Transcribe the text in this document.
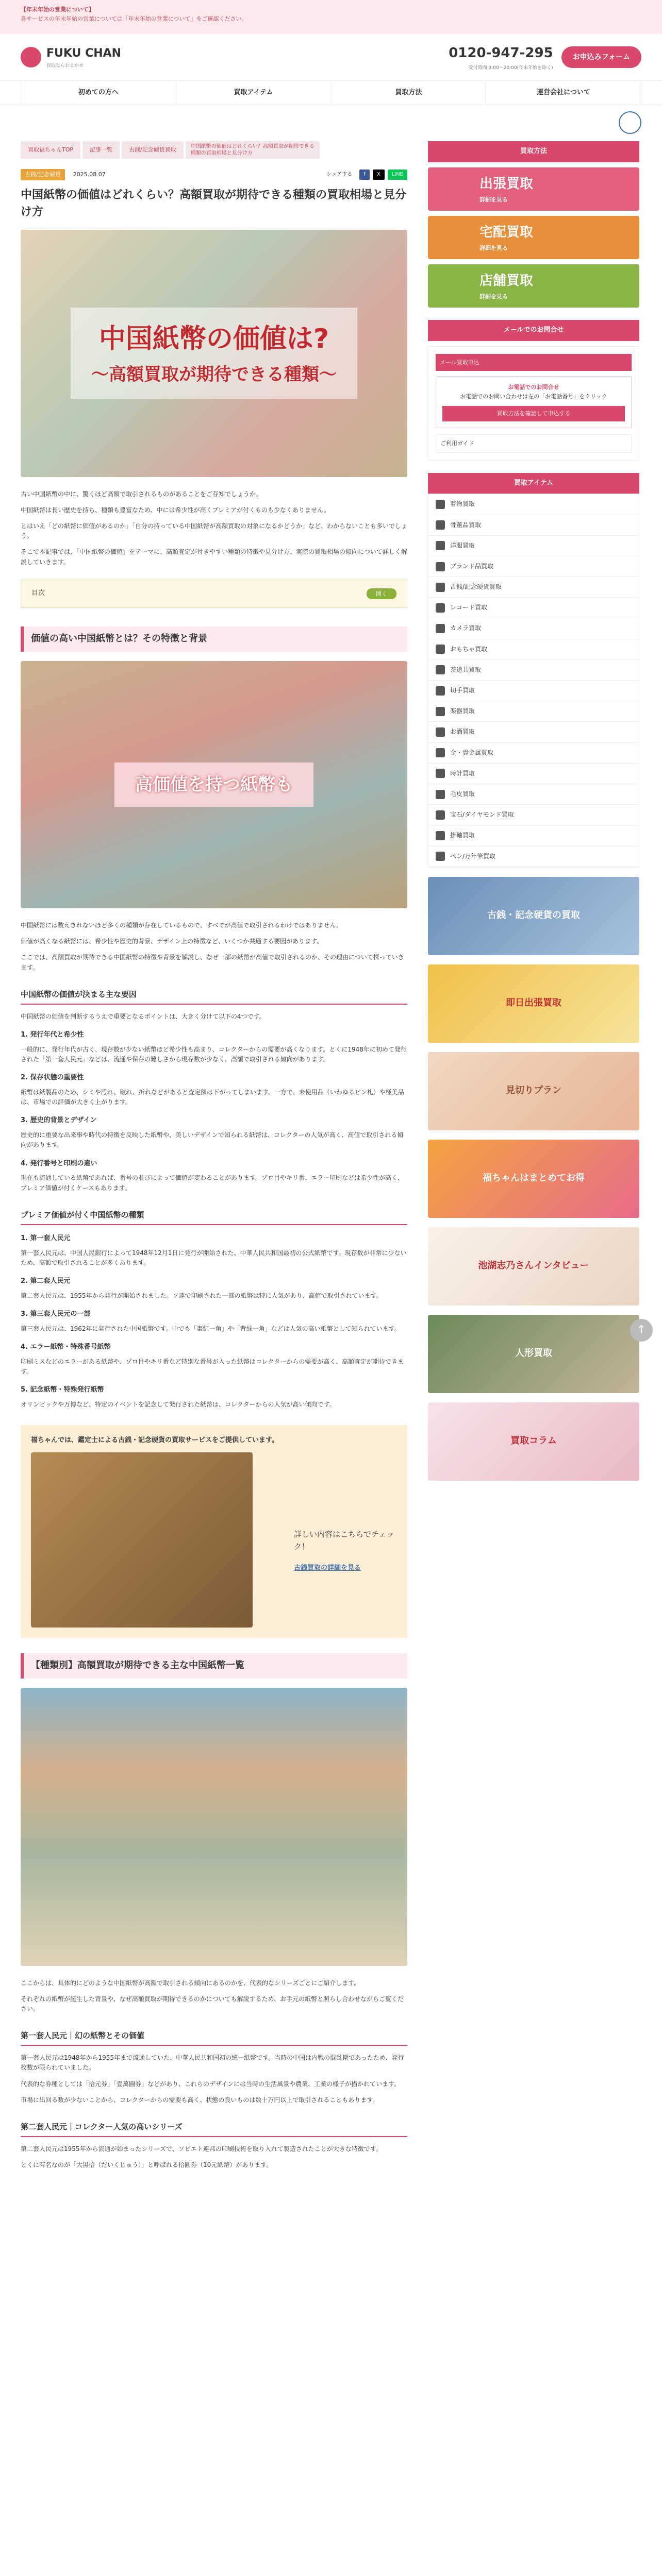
【年末年始の営業について】
各サービスの年末年始の営業については「年末年始の営業について」をご確認ください。
FUKU CHAN
買取ならおまかせ
0120-947-295
受付時間 9:00〜20:00(年末年始を除く)
お申込みフォーム
初めての方へ	買取アイテム	買取方法	運営会社について
買取福ちゃんTOP	記事一覧	古銭/記念硬貨買取	中国紙幣の価値はどれくらい？高額買取が期待できる種類の買取相場と見分け方
古銭/記念硬貨	2025.08.07	シェアする	f	X	LINE
中国紙幣の価値はどれくらい？高額買取が期待できる種類の買取相場と見分け方
中国紙幣の価値は?
〜高額買取が期待できる種類〜

古い中国紙幣の中に、驚くほど高額で取引されるものがあることをご存知でしょうか。

中国紙幣は長い歴史を持ち、種類も豊富なため、中には希少性が高くプレミアが付くものも少なくありません。

とはいえ「どの紙幣に価値があるのか」「自分の持っている中国紙幣が高額買取の対象になるかどうか」など、わからないことも多いでしょう。

そこで本記事では、「中国紙幣の価値」をテーマに、高額査定が付きやすい種類の特徴や見分け方、実際の買取相場の傾向について詳しく解説していきます。

目次	開く
価値の高い中国紙幣とは？その特徴と背景
高価値を持つ紙幣も

中国紙幣には数えきれないほど多くの種類が存在しているもので、すべてが高値で取引されるわけではありません。

価値が高くなる紙幣には、希少性や歴史的背景、デザイン上の特徴など、いくつか共通する要因があります。

ここでは、高額買取が期待できる中国紙幣の特徴や背景を解説し、なぜ一部の紙幣が高値で取引されるのか、その理由について探っていきます。

中国紙幣の価値が決まる主な要因

中国紙幣の価値を判断するうえで重要となるポイントは、大きく分けて以下の4つです。

1. 発行年代と希少性

一般的に、発行年代が古く、現存数が少ない紙幣ほど希少性も高まり、コレクターからの需要が高くなります。とくに1948年に初めて発行された「第一套人民元」などは、流通や保存の難しさから現存数が少なく、高額で取引される傾向があります。

2. 保存状態の重要性

紙幣は紙製品のため、シミや汚れ、破れ、折れなどがあると査定額は下がってしまいます。一方で、未使用品（いわゆるピン札）や極美品は、市場での評価が大きく上がります。

3. 歴史的背景とデザイン

歴史的に重要な出来事や時代の特徴を反映した紙幣や、美しいデザインで知られる紙幣は、コレクターの人気が高く、高値で取引される傾向があります。

4. 発行番号と印刷の違い

現在も流通している紙幣であれば、番号の並びによって価値が変わることがあります。ゾロ目やキリ番、エラー印刷などは希少性が高く、プレミア価値が付くケースもあります。

プレミア価値が付く中国紙幣の種類
1. 第一套人民元

第一套人民元は、中国人民銀行によって1948年12月1日に発行が開始された、中華人民共和国最初の公式紙幣です。現存数が非常に少ないため、高額で取引されることが多くあります。

2. 第二套人民元

第二套人民元は、1955年から発行が開始されました。ソ連で印刷された一部の紙幣は特に人気があり、高値で取引されています。

3. 第三套人民元の一部

第三套人民元は、1962年に発行された中国紙幣です。中でも「棗紅一角」や「背緑一角」などは人気の高い紙幣として知られています。

4. エラー紙幣・特殊番号紙幣

印刷ミスなどのエラーがある紙幣や、ゾロ目やキリ番など特別な番号が入った紙幣はコレクターからの需要が高く、高額査定が期待できます。

5. 記念紙幣・特殊発行紙幣

オリンピックや万博など、特定のイベントを記念して発行された紙幣は、コレクターからの人気が高い傾向です。

福ちゃんでは、鑑定士による古銭・記念硬貨の買取サービスをご提供しています。
詳しい内容はこちらでチェック！
古銭買取の詳細を見る
【種類別】高額買取が期待できる主な中国紙幣一覧

ここからは、具体的にどのような中国紙幣が高額で取引される傾向にあるのかを、代表的なシリーズごとにご紹介します。

それぞれの紙幣が誕生した背景や、なぜ高額買取が期待できるのかについても解説するため、お手元の紙幣と照らし合わせながらご覧ください。

第一套人民元｜幻の紙幣とその価値

第一套人民元は1948年から1955年まで流通していた、中華人民共和国初の統一紙幣です。当時の中国は内戦の混乱期であったため、発行枚数が限られていました。

代表的な券種としては「拾元券」「壹萬圓券」などがあり、これらのデザインには当時の生活風景や農業、工業の様子が描かれています。

市場に出回る数が少ないことから、コレクターからの需要も高く、状態の良いものは数十万円以上で取引されることもあります。

第二套人民元｜コレクター人気の高いシリーズ

第二套人民元は1955年から流通が始まったシリーズで、ソビエト連邦の印刷技術を取り入れて製造されたことが大きな特徴です。

とくに有名なのが「大黒拾（だいくじゅう）」と呼ばれる拾圓券（10元紙幣）があります。

買取方法
出張買取
詳細を見る
宅配買取
詳細を見る
店舗買取
詳細を見る
メールでのお問合せ
メール買取申込
お電話でのお問合せ
お電話でのお問い合わせは左の「お電話番号」をクリック
買取方法を確認して申込する
ご利用ガイド
買取アイテム
着物買取
骨董品買取
洋服買取
ブランド品買取
古銭/記念硬貨買取
レコード買取
カメラ買取
おもちゃ買取
茶道具買取
切手買取
楽器買取
お酒買取
金・貴金属買取
時計買取
毛皮買取
宝石/ダイヤモンド買取
掛軸買取
ペン/万年筆買取
古銭・記念硬貨の買取
即日出張買取
見切りプラン
福ちゃんはまとめてお得
池湖志乃さんインタビュー
人形買取
買取コラム
↑
